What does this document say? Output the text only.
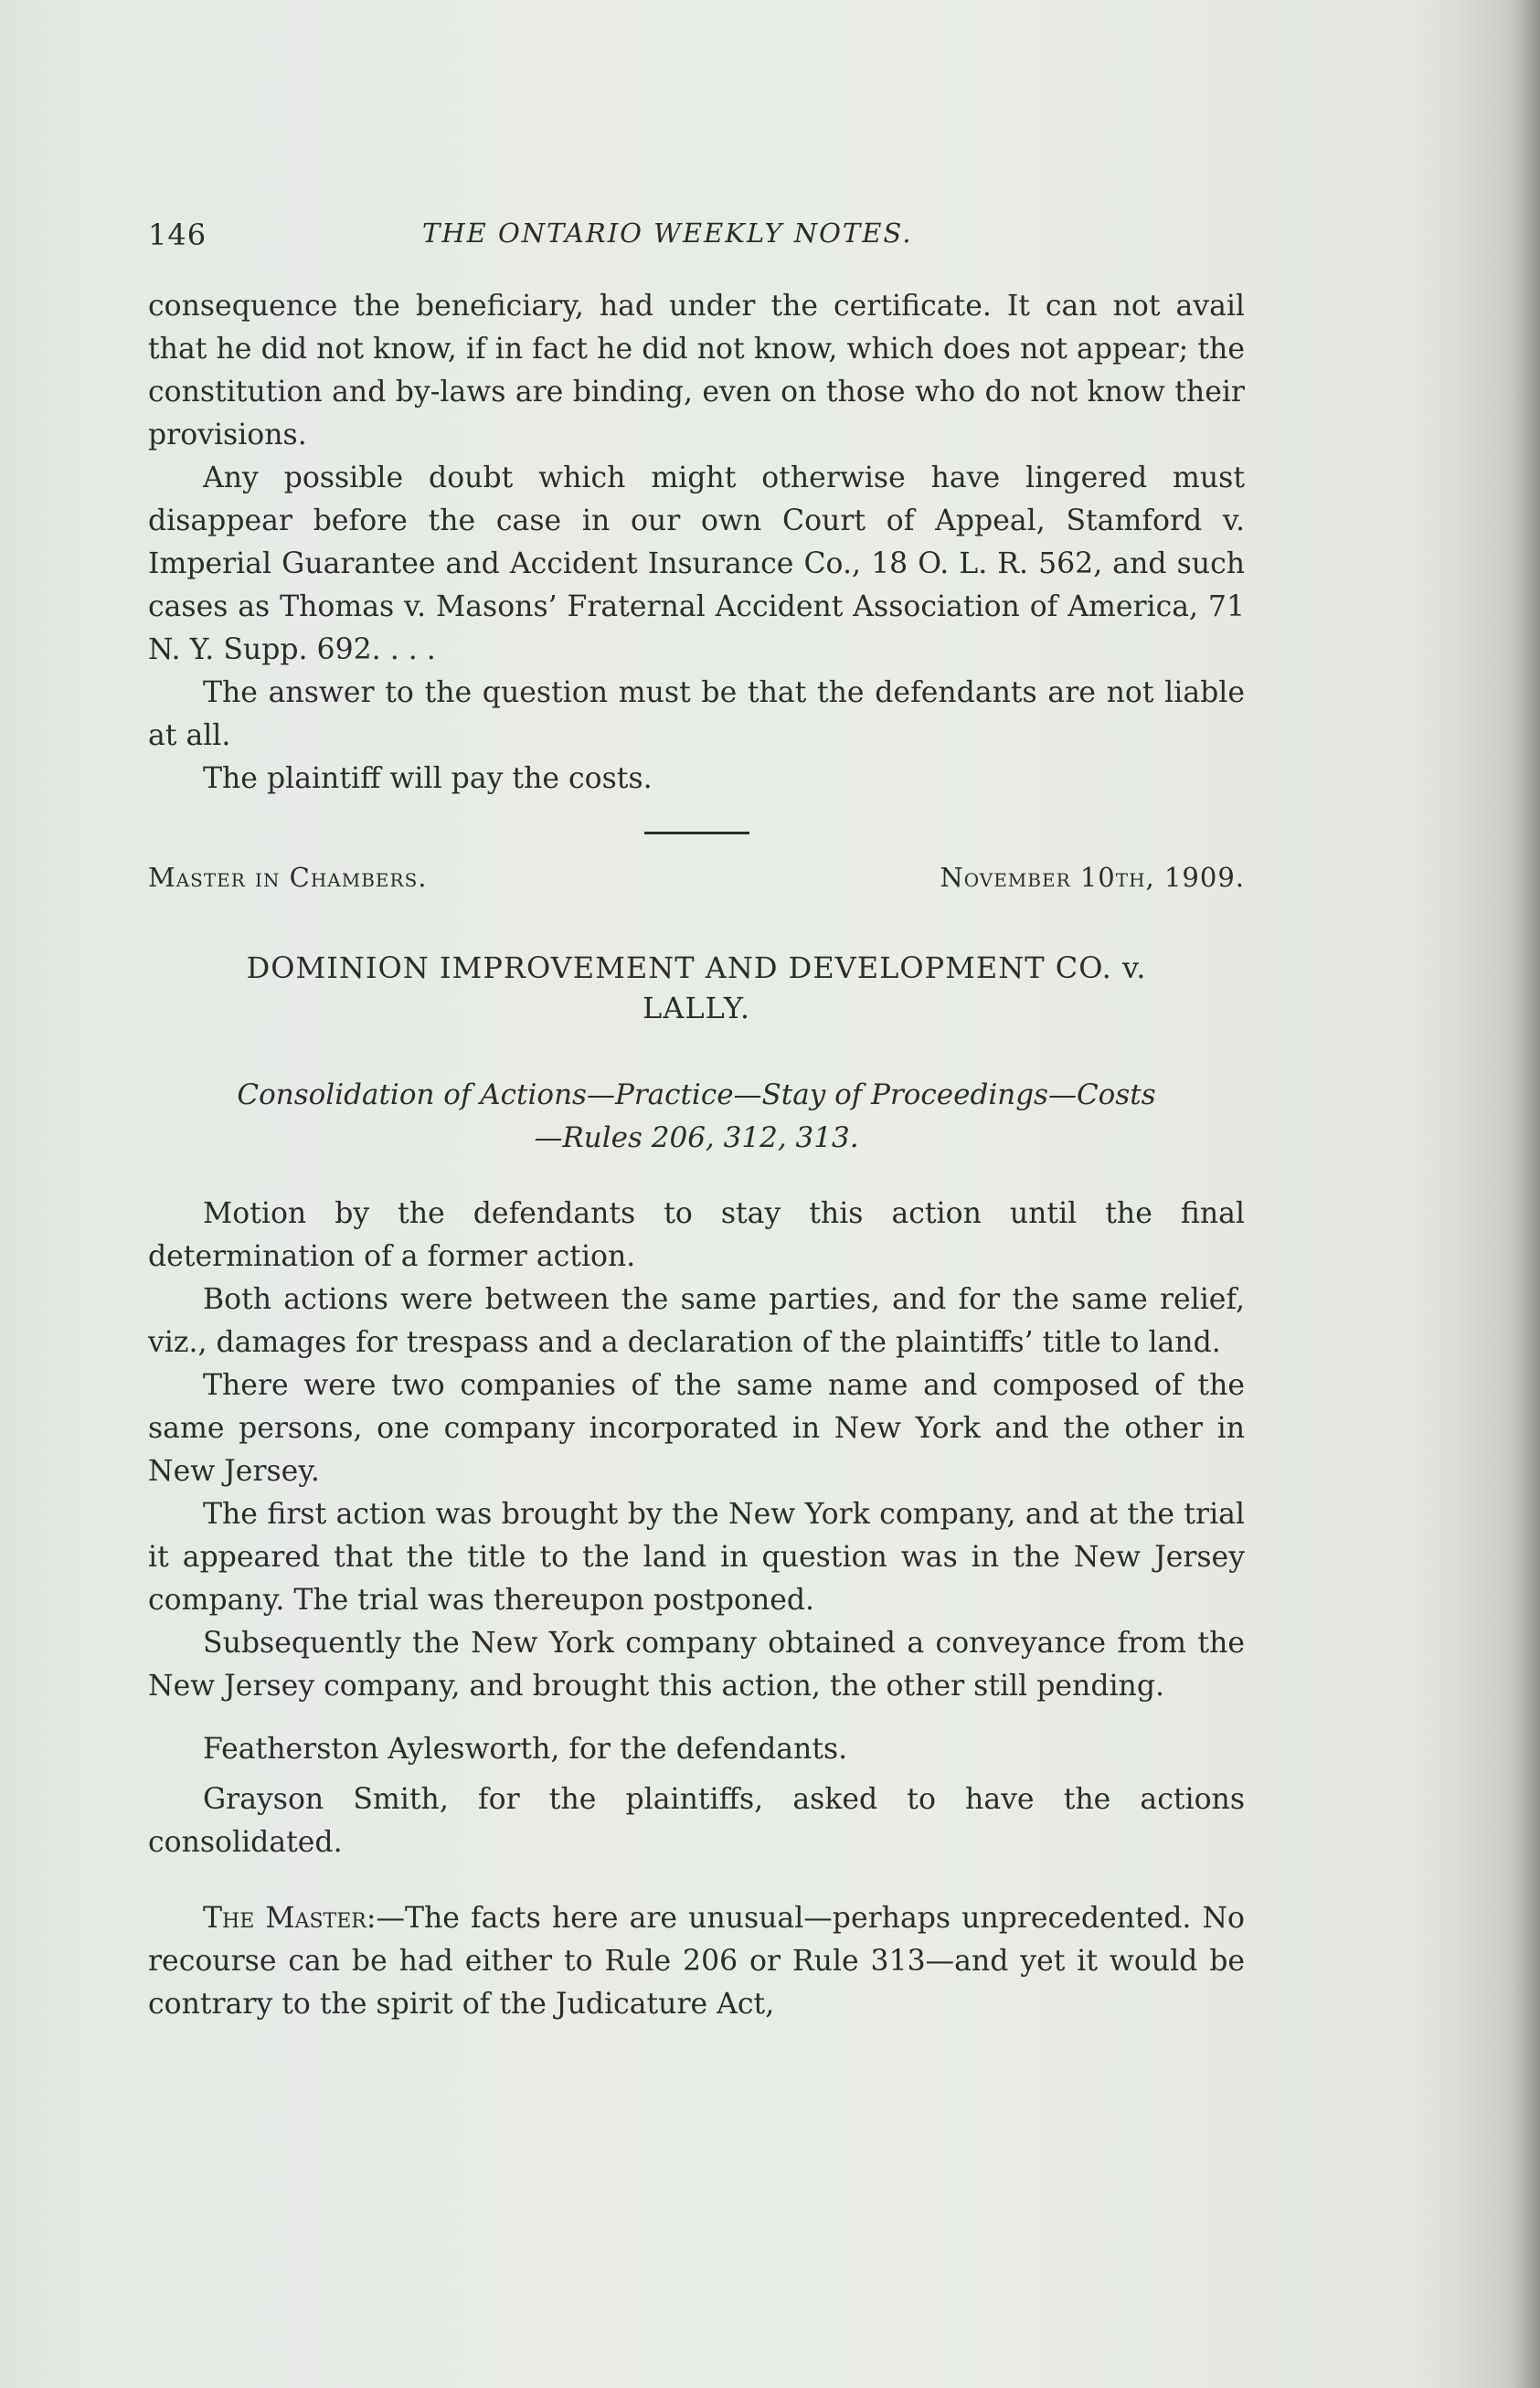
146	THE ONTARIO WEEKLY NOTES.

consequence the beneficiary, had under the certificate. It can not avail that he did not know, if in fact he did not know, which does not appear; the constitution and by-laws are binding, even on those who do not know their provisions.

Any possible doubt which might otherwise have lingered must disappear before the case in our own Court of Appeal, Stamford v. Imperial Guarantee and Accident Insurance Co., 18 O. L. R. 562, and such cases as Thomas v. Masons’ Fraternal Accident Association of America, 71 N. Y. Supp. 692. . . .

The answer to the question must be that the defendants are not liable at all.

The plaintiff will pay the costs.

Master in Chambers.	November 10th, 1909.
DOMINION IMPROVEMENT AND DEVELOPMENT CO. v.
LALLY.
Consolidation of Actions—Practice—Stay of Proceedings—Costs
—Rules 206, 312, 313.

Motion by the defendants to stay this action until the final determination of a former action.

Both actions were between the same parties, and for the same relief, viz., damages for trespass and a declaration of the plaintiffs’ title to land.

There were two companies of the same name and composed of the same persons, one company incorporated in New York and the other in New Jersey.

The first action was brought by the New York company, and at the trial it appeared that the title to the land in question was in the New Jersey company. The trial was thereupon postponed.

Subsequently the New York company obtained a conveyance from the New Jersey company, and brought this action, the other still pending.

Featherston Aylesworth, for the defendants.

Grayson Smith, for the plaintiffs, asked to have the actions consolidated.

The Master:—The facts here are unusual—perhaps unprecedented. No recourse can be had either to Rule 206 or Rule 313—and yet it would be contrary to the spirit of the Judicature Act,
